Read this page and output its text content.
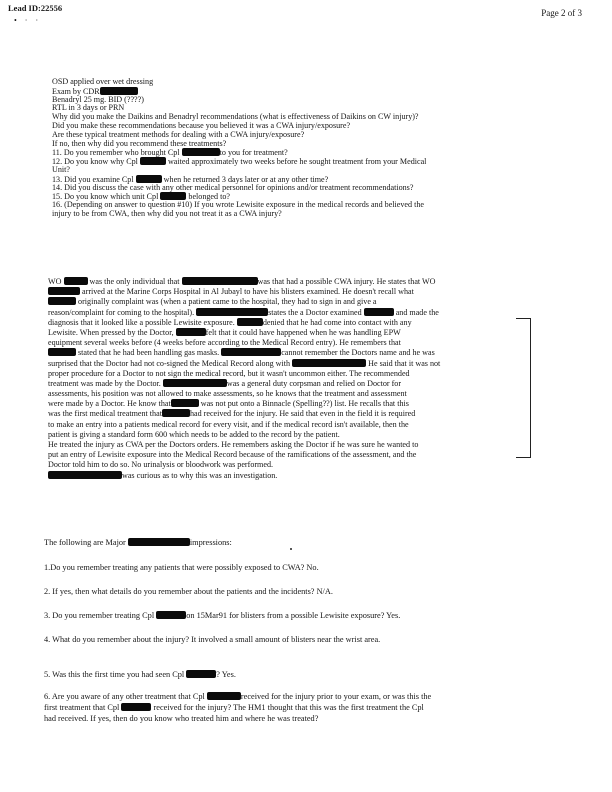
Lead ID:22556
• · ·
Page 2 of 3
OSD applied over wet dressing
Exam by CDR
Benadryl 25 mg. BID (????)
RTL in 3 days or PRN
Why did you make the Daikins and Benadryl recommendations (what is effectiveness of Daikins on CW injury)?
Did you make these recommendations because you believed it was a CWA injury/exposure?
Are these typical treatment methods for dealing with a CWA injury/exposure?
If no, then why did you recommend these treatments?
11. Do you remember who brought Cpl	to you for treatment?
12. Do you know why Cpl	waited approximately two weeks before he sought treatment from your Medical
Unit?
13. Did you examine Cpl	when he returned 3 days later or at any other time?
14. Did you discuss the case with any other medical personnel for opinions and/or treatment recommendations?
15. Do you know which unit Cpl	belonged to?
16. (Depending on answer to question #10) If you wrote Lewisite exposure in the medical records and believed the
injury to be from CWA, then why did you not treat it as a CWA injury?
WO	was the only individual that	was that had a possible CWA injury. He states that WO
arrived at the Marine Corps Hospital in Al Jubayl to have his blisters examined. He doesn't recall what
originally complaint was (when a patient came to the hospital, they had to sign in and give a
reason/complaint for coming to the hospital).	states the a Doctor examined	and made the
diagnosis that it looked like a possible Lewisite exposure.	denied that he had come into contact with any
Lewisite. When pressed by the Doctor,	felt that it could have happened when he was handling EPW
equipment several weeks before (4 weeks before according to the Medical Record entry). He remembers that
stated that he had been handling gas masks.	cannot remember the Doctors name and he was
surprised that the Doctor had not co-signed the Medical Record along with	He said that it was not
proper procedure for a Doctor to not sign the medical record, but it wasn't uncommon either. The recommended
treatment was made by the Doctor.	was a general duty corpsman and relied on Doctor for
assessments, his position was not allowed to make assessments, so he knows that the treatment and assessment
were made by a Doctor. He know that	was not put onto a Binnacle (Spelling??) list. He recalls that this
was the first medical treatment that	had received for the injury. He said that even in the field it is required
to make an entry into a patients medical record for every visit, and if the medical record isn't available, then the
patient is giving a standard form 600 which needs to be added to the record by the patient.
He treated the injury as CWA per the Doctors orders. He remembers asking the Doctor if he was sure he wanted to
put an entry of Lewisite exposure into the Medical Record because of the ramifications of the assessment, and the
Doctor told him to do so. No urinalysis or bloodwork was performed.
was curious as to why this was an investigation.
The following are Major	impressions:
1.Do you remember treating any patients that were possibly exposed to CWA? No.
2. If yes, then what details do you remember about the patients and the incidents? N/A.
3. Do you remember treating Cpl	on 15Mar91 for blisters from a possible Lewisite exposure? Yes.
4. What do you remember about the injury? It involved a small amount of blisters near the wrist area.
5. Was this the first time you had seen Cpl	? Yes.
6. Are you aware of any other treatment that Cpl	received for the injury prior to your exam, or was this the
first treatment that Cpl	received for the injury? The HM1 thought that this was the first treatment the Cpl
had received. If yes, then do you know who treated him and where he was treated?
